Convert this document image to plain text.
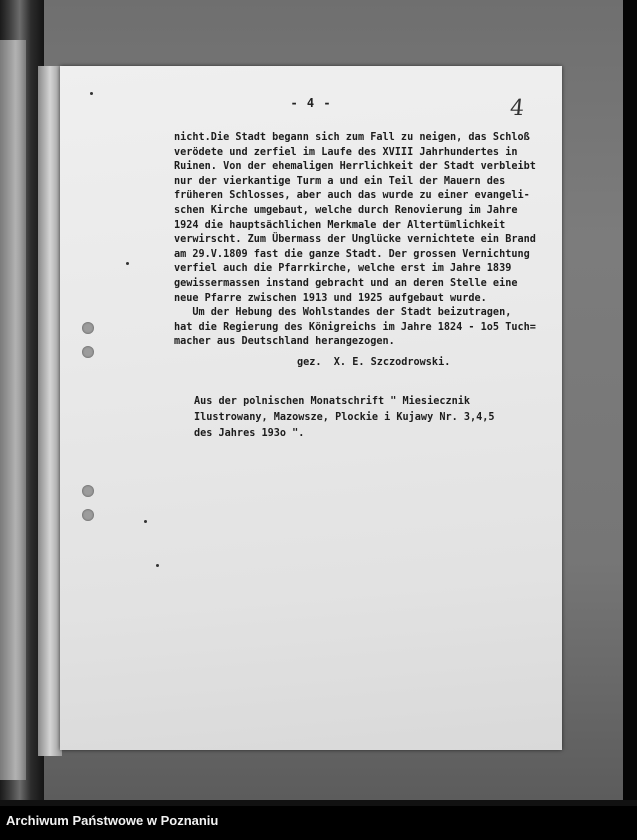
- 4 -	4
nicht.Die Stadt begann sich zum Fall zu neigen, das Schloß
verödete und zerfiel im Laufe des XVIII Jahrhundertes in
Ruinen. Von der ehemaligen Herrlichkeit der Stadt verbleibt
nur der vierkantige Turm a und ein Teil der Mauern des
früheren Schlosses, aber auch das wurde zu einer evangeli-
schen Kirche umgebaut, welche durch Renovierung im Jahre
1924 die hauptsächlichen Merkmale der Altertümlichkeit
verwirscht. Zum Übermass der Unglücke vernichtete ein Brand
am 29.V.1809 fast die ganze Stadt. Der grossen Vernichtung
verfiel auch die Pfarrkirche, welche erst im Jahre 1839
gewissermassen instand gebracht und an deren Stelle eine
neue Pfarre zwischen 1913 und 1925 aufgebaut wurde.
Um der Hebung des Wohlstandes der Stadt beizutragen,
hat die Regierung des Königreichs im Jahre 1824 - 1o5 Tuch=
macher aus Deutschland herangezogen.
gez.  X. E. Szczodrowski.
Aus der polnischen Monatschrift " Miesiecznik
Ilustrowany, Mazowsze, Plockie i Kujawy Nr. 3,4,5
des Jahres 193o ".
Archiwum Państwowe w Poznaniu
